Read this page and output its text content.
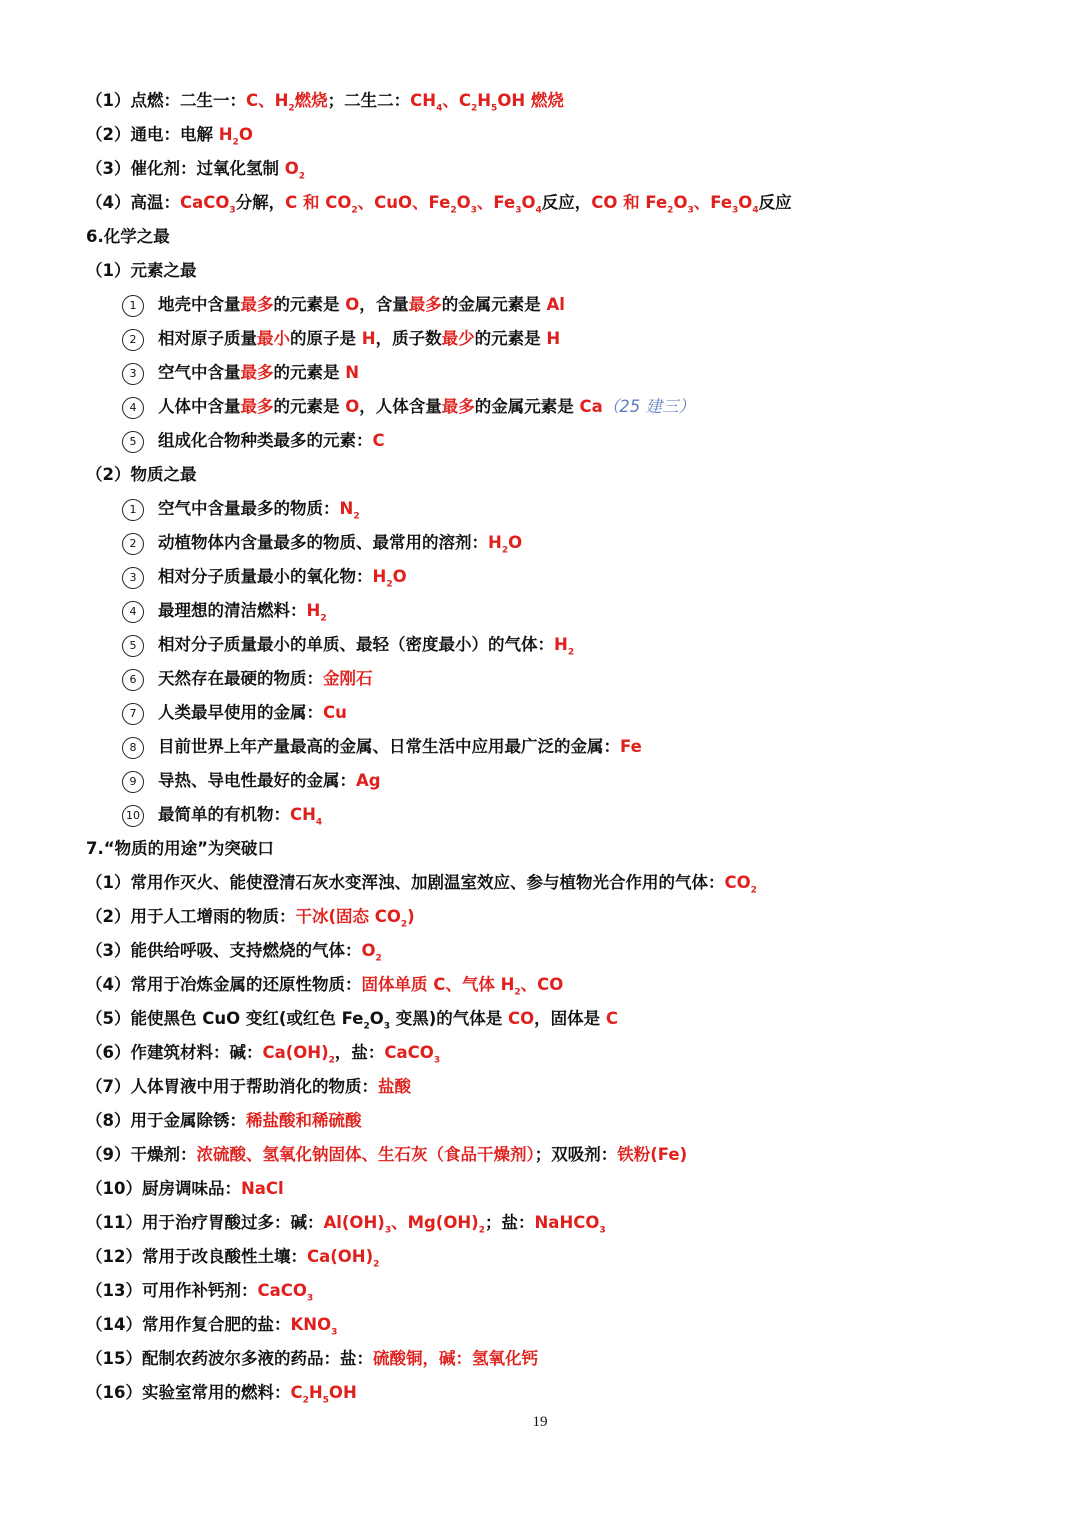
（1）点燃：二生一：C、$H_2$燃烧；二生二：$CH_4$、$C_2H_5OH$ 燃烧
（2）通电：电解 $H_2O$
（3）催化剂：过氧化氢制 $O_2$
（4）高温：CaCO$_3$分解，C 和 $CO_2$、CuO、$Fe_2O_3$、$Fe_3O_4$反应，CO 和 $Fe_2O_3$、$Fe_3O_4$反应
6.化学之最
（1）元素之最
1 地壳中含量最多的元素是 O，含量最多的金属元素是 Al
2 相对原子质量最小的原子是 H，质子数最少的元素是 H
3 空气中含量最多的元素是 N
4 人体中含量最多的元素是 O，人体含量最多的金属元素是 Ca（25 建三）
5 组成化合物种类最多的元素：C
（2）物质之最
1 空气中含量最多的物质：$N_2$
2 动植物体内含量最多的物质、最常用的溶剂：$H_2O$
3 相对分子质量最小的氧化物：$H_2O$
4 最理想的清洁燃料：$H_2$
5 相对分子质量最小的单质、最轻（密度最小）的气体：$H_2$
6 天然存在最硬的物质：金刚石
7 人类最早使用的金属：Cu
8 目前世界上年产量最高的金属、日常生活中应用最广泛的金属：Fe
9 导热、导电性最好的金属：Ag
10 最简单的有机物：$CH_4$
7.“物质的用途”为突破口
（1）常用作灭火、能使澄清石灰水变浑浊、加剧温室效应、参与植物光合作用的气体：$CO_2$
（2）用于人工增雨的物质：干冰(固态 $CO_2$)
（3）能供给呼吸、支持燃烧的气体：$O_2$
（4）常用于冶炼金属的还原性物质：固体单质 C、气体 $H_2$、CO
（5）能使黑色 CuO 变红(或红色 $Fe_2O_3$ 变黑)的气体是 CO，固体是 C
（6）作建筑材料：碱：$Ca(OH)_2$，盐：CaCO$_3$
（7）人体胃液中用于帮助消化的物质：盐酸
（8）用于金属除锈：稀盐酸和稀硫酸
（9）干燥剂：浓硫酸、氢氧化钠固体、生石灰（食品干燥剂）；双吸剂：铁粉(Fe)
（10）厨房调味品：NaCl
（11）用于治疗胃酸过多：碱：$Al(OH)_3$、$Mg(OH)_2$；盐：NaHCO$_3$
（12）常用于改良酸性土壤：$Ca(OH)_2$
（13）可用作补钙剂：CaCO$_3$
（14）常用作复合肥的盐：$KNO_3$
（15）配制农药波尔多液的药品：盐：硫酸铜，碱：氢氧化钙
（16）实验室常用的燃料：$C_2H_5OH$
19
